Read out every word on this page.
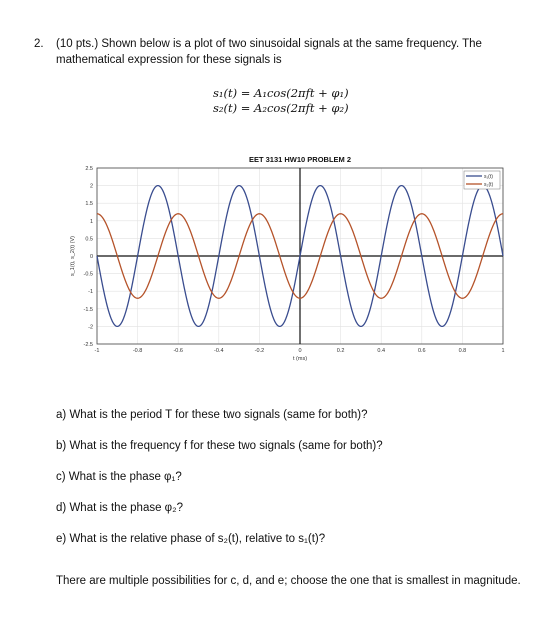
2. (10 pts.) Shown below is a plot of two sinusoidal signals at the same frequency. The
mathematical expression for these signals is
s₁(t) = A₁cos(2πft + φ₁)
s₂(t) = A₂cos(2πft + φ₂)
-1	-0.8	-0.6	-0.4	-0.2	0	0.2	0.4	0.6	0.8	1
2.5
2
1.5
1
0.5
0
-0.5
-1
-1.5
-2
-2.5
EET 3131 HW10 PROBLEM 2
t (ms)
s_1(t), s_2(t) (V)
s₁(t)
s₂(t)
a) What is the period T for these two signals (same for both)?
b) What is the frequency f for these two signals (same for both)?
c) What is the phase φ₁?
d) What is the phase φ₂?
e) What is the relative phase of s₂(t), relative to s₁(t)?
There are multiple possibilities for c, d, and e; choose the one that is smallest in magnitude.
